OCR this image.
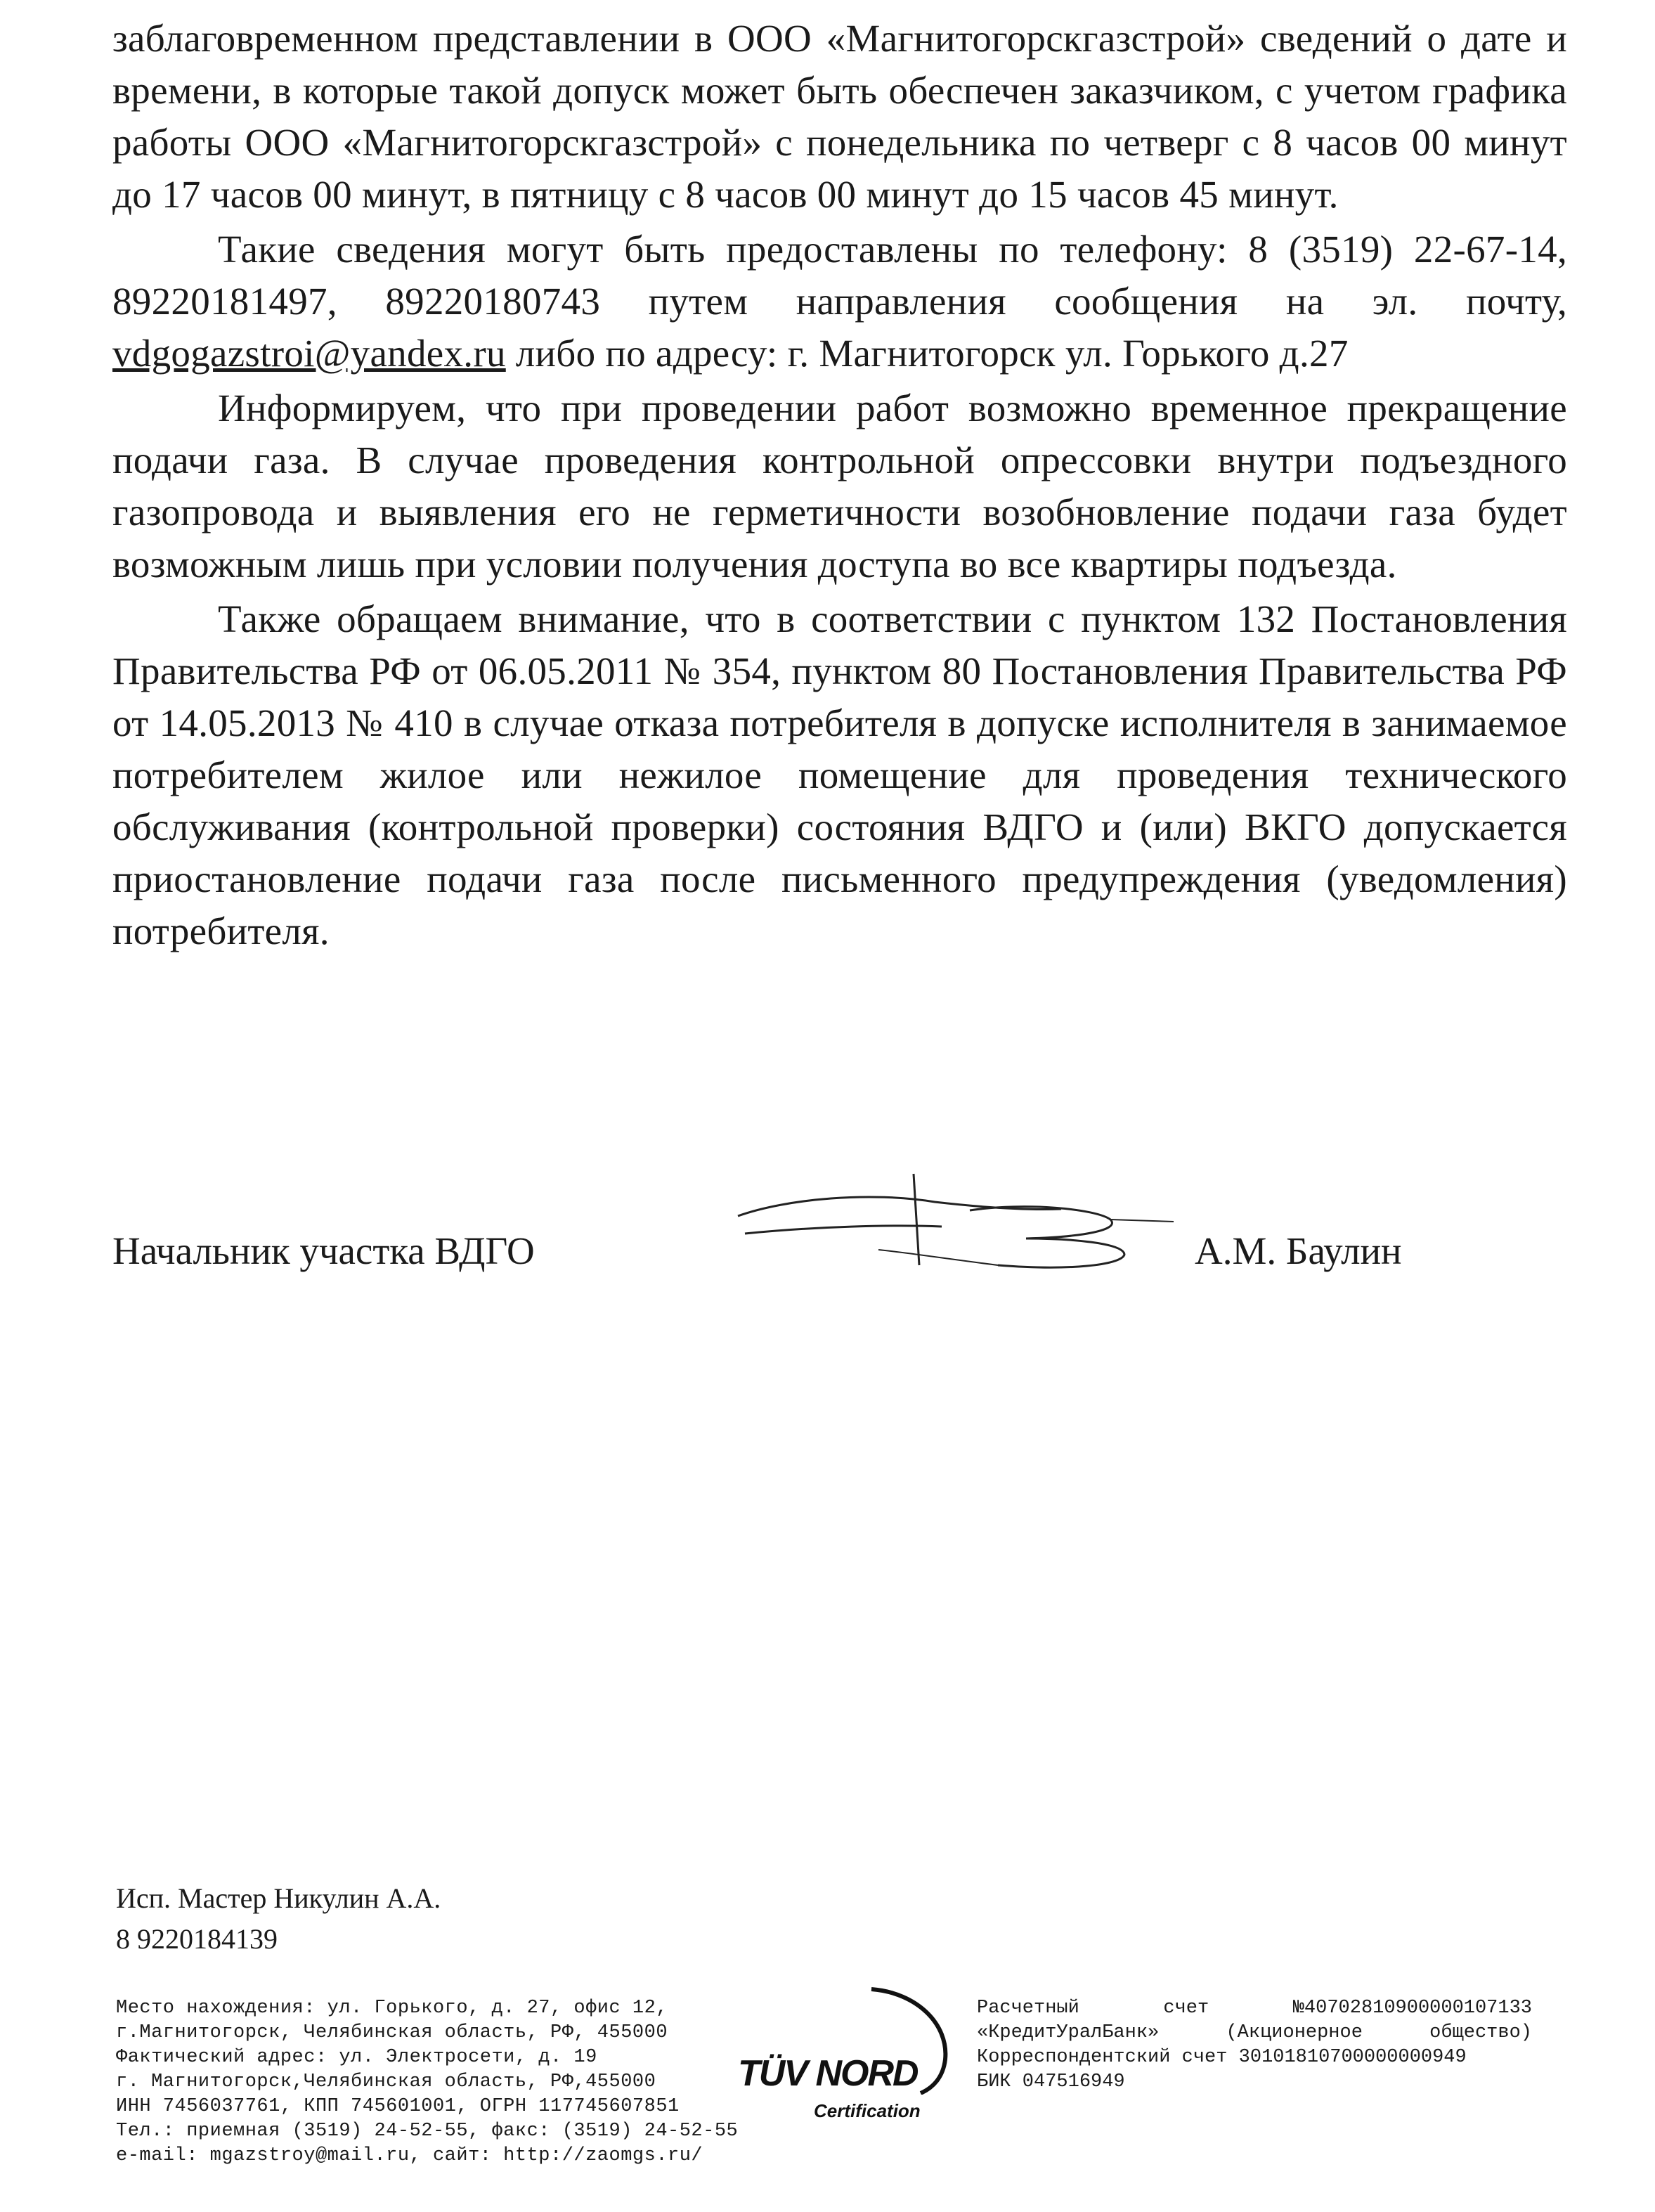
заблаговременном представлении в ООО «Магнитогорскгазстрой» сведений о дате и времени, в которые такой допуск может быть обеспечен заказчиком, с учетом графика работы ООО «Магнитогорскгазстрой» с понедельника по четверг с 8 часов 00 минут до 17 часов 00 минут, в пятницу с 8 часов 00 минут до 15 часов 45 минут.

Такие сведения могут быть предоставлены по телефону: 8 (3519) 22-67-14, 89220181497, 89220180743 путем направления сообщения на эл. почту, vdgogazstroi@yandex.ru либо по адресу: г. Магнитогорск ул. Горького д.27

Информируем, что при проведении работ возможно временное прекращение подачи газа. В случае проведения контрольной опрессовки внутри подъездного газопровода и выявления его не герметичности возобновление подачи газа будет возможным лишь при условии получения доступа во все квартиры подъезда.

Также обращаем внимание, что в соответствии с пунктом 132 Постановления Правительства РФ от 06.05.2011 № 354, пунктом 80 Постановления Правительства РФ от 14.05.2013 № 410 в случае отказа потребителя в допуске исполнителя в занимаемое потребителем жилое или нежилое помещение для проведения технического обслуживания (контрольной проверки) состояния ВДГО и (или) ВКГО допускается приостановление подачи газа после письменного предупреждения (уведомления) потребителя.

Начальник участка ВДГО	А.М. Баулин
Исп. Мастер Никулин А.А.
8 9220184139
Место нахождения: ул. Горького, д. 27, офис 12,
г.Магнитогорск, Челябинская область, РФ, 455000
Фактический адрес: ул. Электросети, д. 19
г. Магнитогорск,Челябинская область, РФ,455000
ИНН 7456037761, КПП 745601001, ОГРН 117745607851
Тел.: приемная (3519) 24-52-55, факс: (3519) 24-52-55
e-mail: mgazstroy@mail.ru, сайт: http://zaomgs.ru/
TÜV NORD
Certification
Расчетный	счет	№40702810900000107133
«КредитУралБанк»	(Акционерное	общество)
Корреспондентский счет 30101810700000000949
БИК 047516949
